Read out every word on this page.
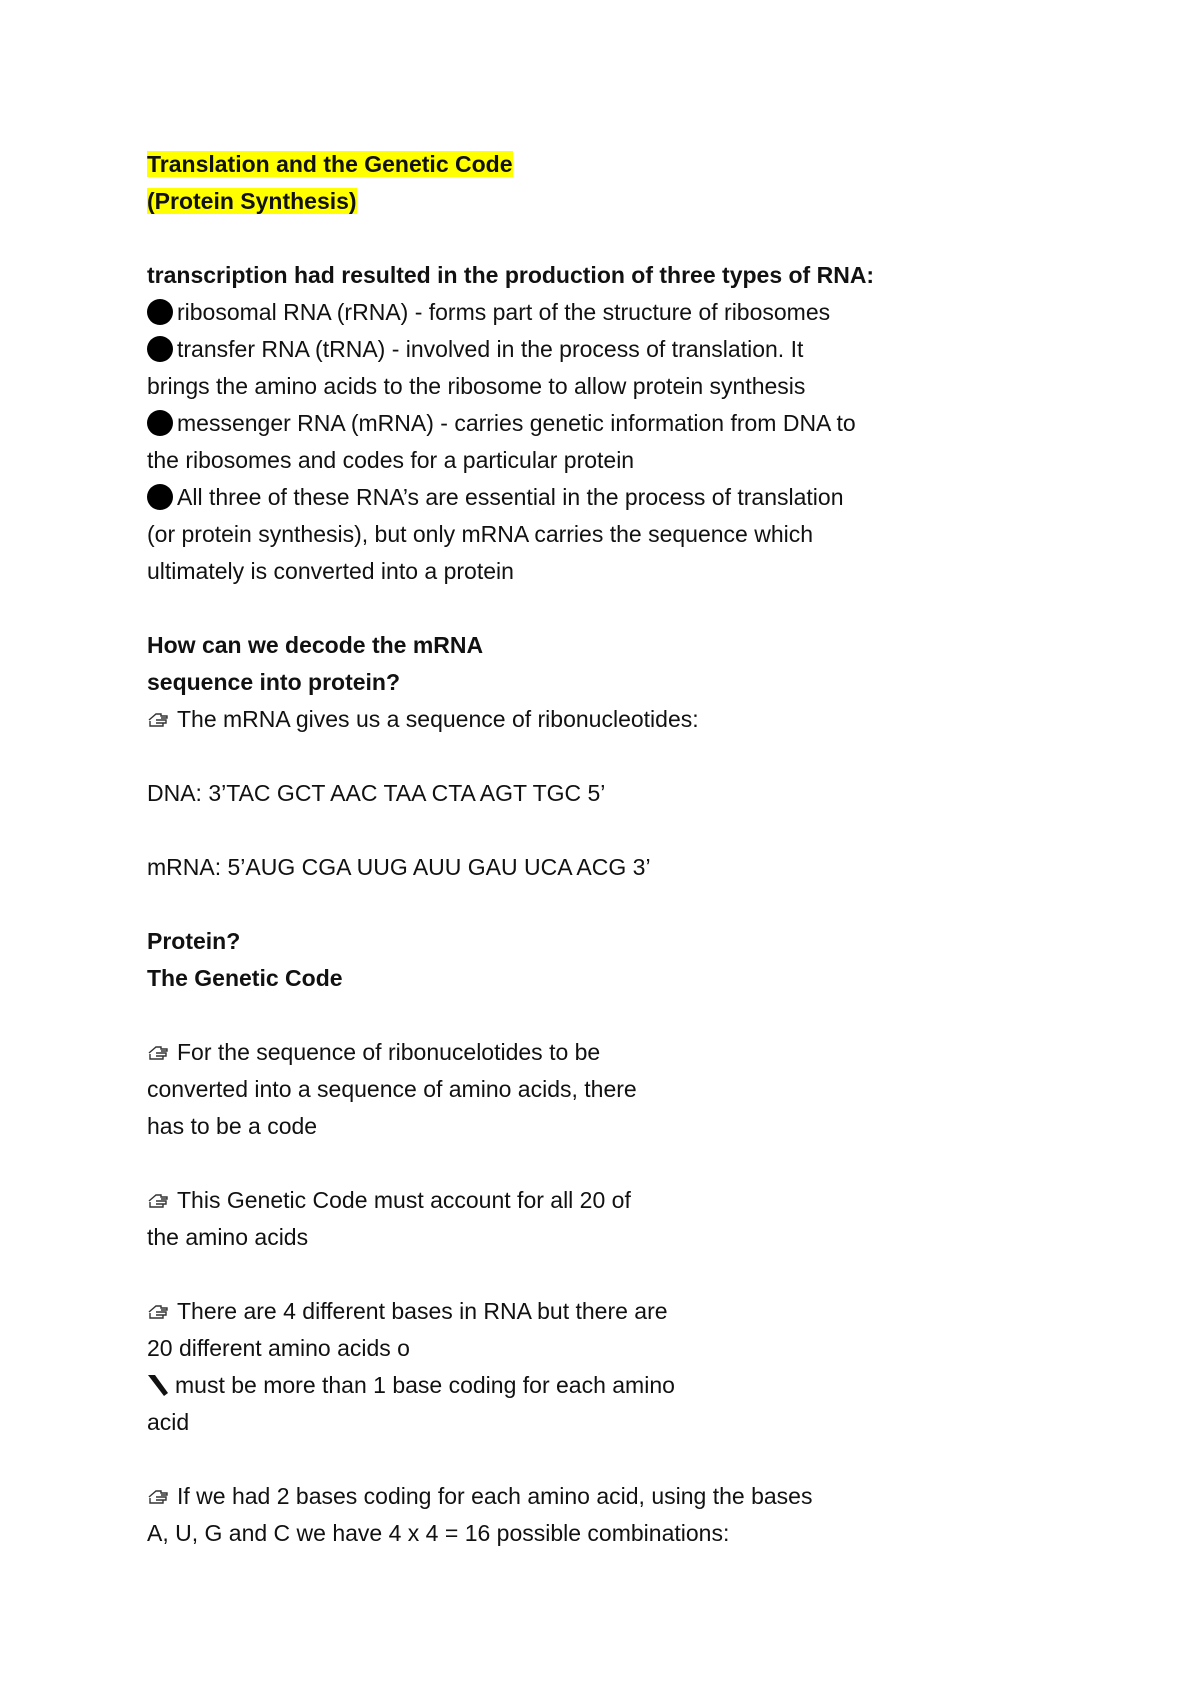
Translation and the Genetic Code
(Protein Synthesis)
transcription had resulted in the production of three types of RNA:
ribosomal RNA (rRNA) - forms part of the structure of ribosomes
transfer RNA (tRNA) - involved in the process of translation. It
brings the amino acids to the ribosome to allow protein synthesis
messenger RNA (mRNA) - carries genetic information from DNA to
the ribosomes and codes for a particular protein
All three of these RNA’s are essential in the process of translation
(or protein synthesis), but only mRNA carries the sequence which
ultimately is converted into a protein
How can we decode the mRNA
sequence into protein?
The mRNA gives us a sequence of ribonucleotides:
DNA: 3’TAC GCT AAC TAA CTA AGT TGC 5’
mRNA: 5’AUG CGA UUG AUU GAU UCA ACG 3’
Protein?
The Genetic Code
For the sequence of ribonucelotides to be
converted into a sequence of amino acids, there
has to be a code
This Genetic Code must account for all 20 of
the amino acids
There are 4 different bases in RNA but there are
20 different amino acids o
must be more than 1 base coding for each amino
acid
If we had 2 bases coding for each amino acid, using the bases
A, U, G and C we have 4 x 4 = 16 possible combinations:
